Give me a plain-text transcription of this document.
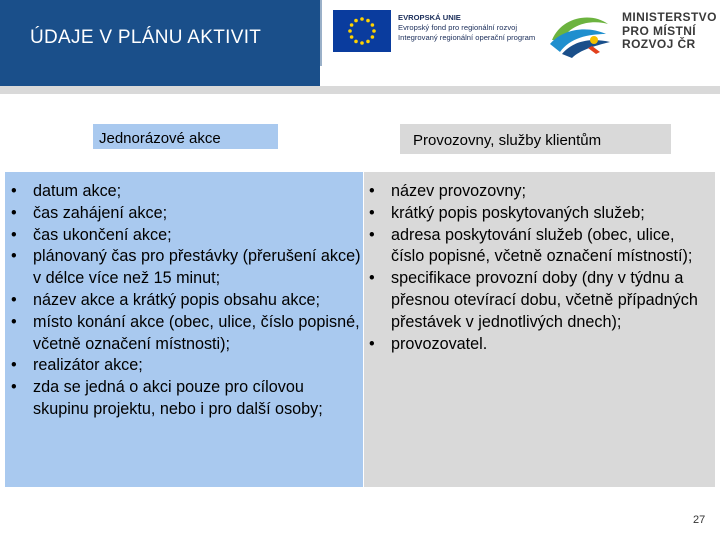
ÚDAJE V PLÁNU AKTIVIT
EVROPSKÁ UNIE
Evropský fond pro regionální rozvoj
Integrovaný regionální operační program
MINISTERSTVO
PRO MÍSTNÍ
ROZVOJ ČR
Jednorázové akce	Provozovny, služby klientům
• datum akce;
• čas zahájení akce;
• čas ukončení akce;
• plánovaný čas pro přestávky (přerušení akce) v délce více než 15 minut;
• název akce a krátký popis obsahu akce;
• místo konání akce (obec, ulice, číslo popisné, včetně označení místnosti);
• realizátor akce;
• zda se jedná o akci pouze pro cílovou skupinu projektu, nebo i pro další osoby;
• název provozovny;
• krátký popis poskytovaných služeb;
• adresa poskytování služeb (obec, ulice, číslo popisné, včetně označení místností);
• specifikace provozní doby (dny v týdnu a přesnou otevírací dobu, včetně případných přestávek v jednotlivých dnech);
• provozovatel.
27
